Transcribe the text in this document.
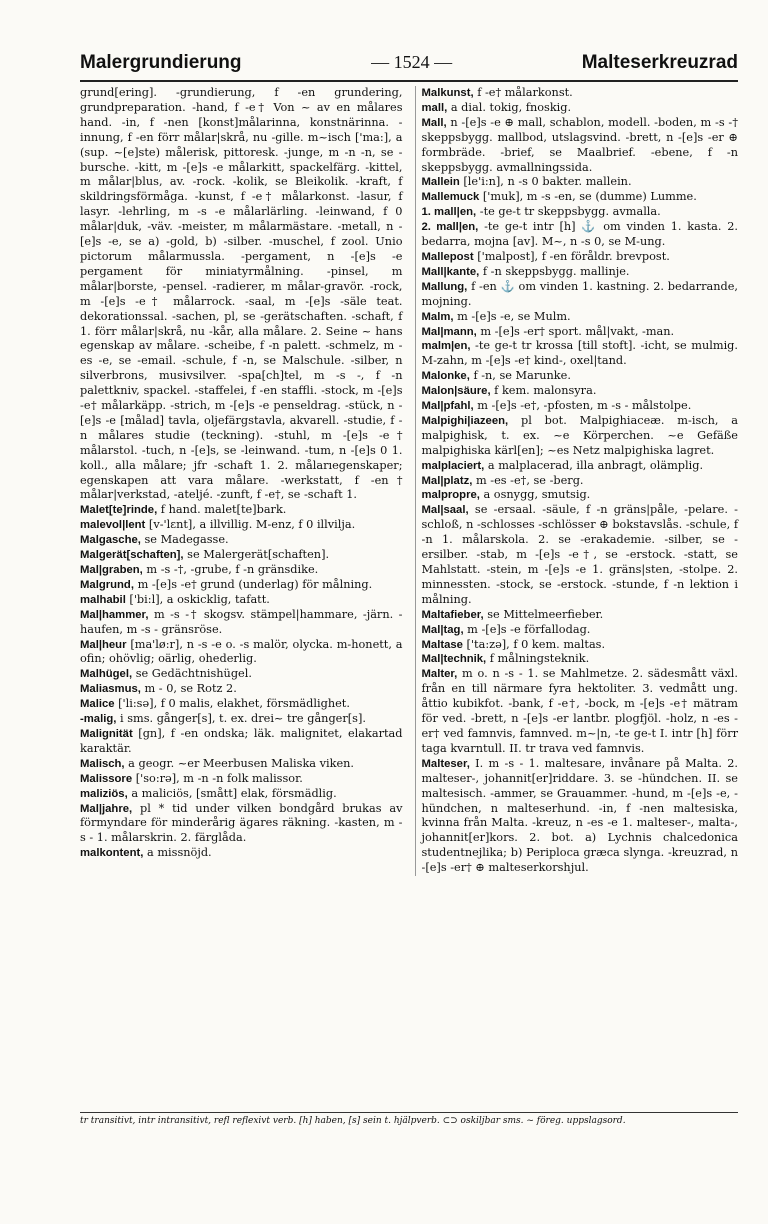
Malergrundierung	— 1524 —	Malteserkreuzrad

grund[ering]. -grundierung, f -en grundering, grundpreparation. -hand, f -e† Von ~ av en målares hand. -in, f -nen [konst]målarinna, konstnärinna. -innung, f -en förr målar|skrå, nu -gille. m~isch ['ma:], a (sup. ~[e]ste) målerisk, pittoresk. -junge, m -n -n, se -bursche. -kitt, m -[e]s -e målarkitt, spackelfärg. -kittel, m målar|blus, av. -rock. -kolik, se Bleikolik. -kraft, f skildringsförmåga. -kunst, f -e† målarkonst. -lasur, f lasyr. -lehrling, m -s -e målarlärling. -leinwand, f 0 målar|duk, -väv. -meister, m målarmästare. -metall, n -[e]s -e, se a) -gold, b) -silber. -muschel, f zool. Unio pictorum målarmussla. -pergament, n -[e]s -e pergament för miniatyrmålning. -pinsel, m målar|borste, -pensel. -radierer, m målar-gravör. -rock, m -[e]s -e† målarrock. -saal, m -[e]s -säle teat. dekorationssal. -sachen, pl, se -gerätschaften. -schaft, f 1. förr målar|skrå, nu -kår, alla målare. 2. Seine ~ hans egenskap av målare. -scheibe, f -n palett. -schmelz, m -es -e, se -email. -schule, f -n, se Malschule. -silber, n silverbrons, musivsilver. -spa[ch]tel, m -s -, f -n palettkniv, spackel. -staffelei, f -en staffli. -stock, m -[e]s -e† målarkäpp. -strich, m -[e]s -e penseldrag. -stück, n -[e]s -e [målad] tavla, oljefärgstavla, akvarell. -studie, f -n målares studie (teckning). -stuhl, m -[e]s -e† målarstol. -tuch, n -[e]s, se -leinwand. -tum, n -[e]s 0 1. koll., alla målare; jfr -schaft 1. 2. målarıegenskaper; egenskapen att vara målare. -werkstatt, f -en† målar|verkstad, -ateljé. -zunft, f -e†, se -schaft 1.

Malet[te]rinde, f hand. malet[te]bark.

malevol|lent [v-'lɛnt], a illvillig. M-enz, f 0 illvilja.

Malgasche, se Madegasse.

Malgerät[schaften], se Malergerät[schaften].

Mal|graben, m -s -†, -grube, f -n gränsdike.

Malgrund, m -[e]s -e† grund (underlag) för målning.

malhabil ['bi:l], a oskicklig, tafatt.

Mal|hammer, m -s -† skogsv. stämpel|hammare, -järn. -haufen, m -s - gränsröse.

Mal|heur [ma'lø:r], n -s -e o. -s malör, olycka. m-honett, a ofin; ohövlig; oärlig, ohederlig.

Malhügel, se Gedächtnishügel.

Maliasmus, m - 0, se Rotz 2.

Malice ['li:sə], f 0 malis, elakhet, försmädlighet.

-malig, i sms. gånger[s], t. ex. drei~ tre gånger[s].

Malignität [gn], f -en ondska; läk. malignitet, elakartad karaktär.

Malisch, a geogr. ~er Meerbusen Maliska viken.

Malissore ['so:rə], m -n -n folk malissor.

maliziös, a maliciös, [smått] elak, försmädlig.

Mal|jahre, pl * tid under vilken bondgård brukas av förmyndare för minderårig ägares räkning. -kasten, m -s - 1. målarskrin. 2. färglåda.

malkontent, a missnöjd.

Malkunst, f -e† målarkonst.

mall, a dial. tokig, fnoskig.

Mall, n -[e]s -e ⊕ mall, schablon, modell. -boden, m -s -† skeppsbygg. mallbod, utslagsvind. -brett, n -[e]s -er ⊕ formbräde. -brief, se Maalbrief. -ebene, f -n skeppsbygg. avmallningssida.

Mallein [le'i:n], n -s 0 bakter. mallein.

Mallemuck ['muk], m -s -en, se (dumme) Lumme.

1. mall|en, -te ge-t tr skeppsbygg. avmalla.

2. mall|en, -te ge-t intr [h] ⚓ om vinden 1. kasta. 2. bedarra, mojna [av]. M~, n -s 0, se M-ung.

Mallepost ['malpost], f -en föråldr. brevpost.

Mall|kante, f -n skeppsbygg. mallinje.

Mallung, f -en ⚓ om vinden 1. kastning. 2. bedarrande, mojning.

Malm, m -[e]s -e, se Mulm.

Mal|mann, m -[e]s -er† sport. mål|vakt, -man.

malm|en, -te ge-t tr krossa [till stoft]. -icht, se mulmig. M-zahn, m -[e]s -e† kind-, oxel|tand.

Malonke, f -n, se Marunke.

Malon|säure, f kem. malonsyra.

Mal|pfahl, m -[e]s -e†, -pfosten, m -s - målstolpe.

Malpighi|iazeen, pl bot. Malpighiaceæ. m-isch, a malpighisk, t. ex. ~e Körperchen. ~e Gefäße malpighiska kärl[en]; ~es Netz malpighiska lagret.

malplaciert, a malplacerad, illa anbragt, olämplig.

Mal|platz, m -es -e†, se -berg.

malpropre, a osnygg, smutsig.

Mal|saal, se -ersaal. -säule, f -n gräns|påle, -pelare. -schloß, n -schlosses -schlösser ⊕ bokstavslås. -schule, f -n 1. målarskola. 2. se -erakademie. -silber, se -ersilber. -stab, m -[e]s -e†, se -erstock. -statt, se Mahlstatt. -stein, m -[e]s -e 1. gräns|sten, -stolpe. 2. minnessten. -stock, se -erstock. -stunde, f -n lektion i målning.

Maltafieber, se Mittelmeerfieber.

Mal|tag, m -[e]s -e förfallodag.

Maltase ['ta:zə], f 0 kem. maltas.

Mal|technik, f målningsteknik.

Malter, m o. n -s - 1. se Mahlmetze. 2. sädesmått växl. från en till närmare fyra hektoliter. 3. vedmått ung. åttio kubikfot. -bank, f -e†, -bock, m -[e]s -e† mätram för ved. -brett, n -[e]s -er lantbr. plogfjöl. -holz, n -es -er† ved famnvis, famnved. m~|n, -te ge-t I. intr [h] förr taga kvarntull. II. tr trava ved famnvis.

Malteser, I. m -s - 1. maltesare, invånare på Malta. 2. malteser-, johannit[er]riddare. 3. se -hündchen. II. se maltesisch. -ammer, se Grauammer. -hund, m -[e]s -e, -hündchen, n malteserhund. -in, f -nen maltesiska, kvinna från Malta. -kreuz, n -es -e 1. malteser-, malta-, johannit[er]kors. 2. bot. a) Lychnis chalcedonica studentnejlika; b) Periploca græca slynga. -kreuzrad, n -[e]s -er† ⊕ malteserkorshjul.

tr transitivt, intr intransitivt, refl reflexivt verb. [h] haben, [s] sein t. hjälpverb. ⊂⊃ oskiljbar sms. ~ föreg. uppslagsord.
